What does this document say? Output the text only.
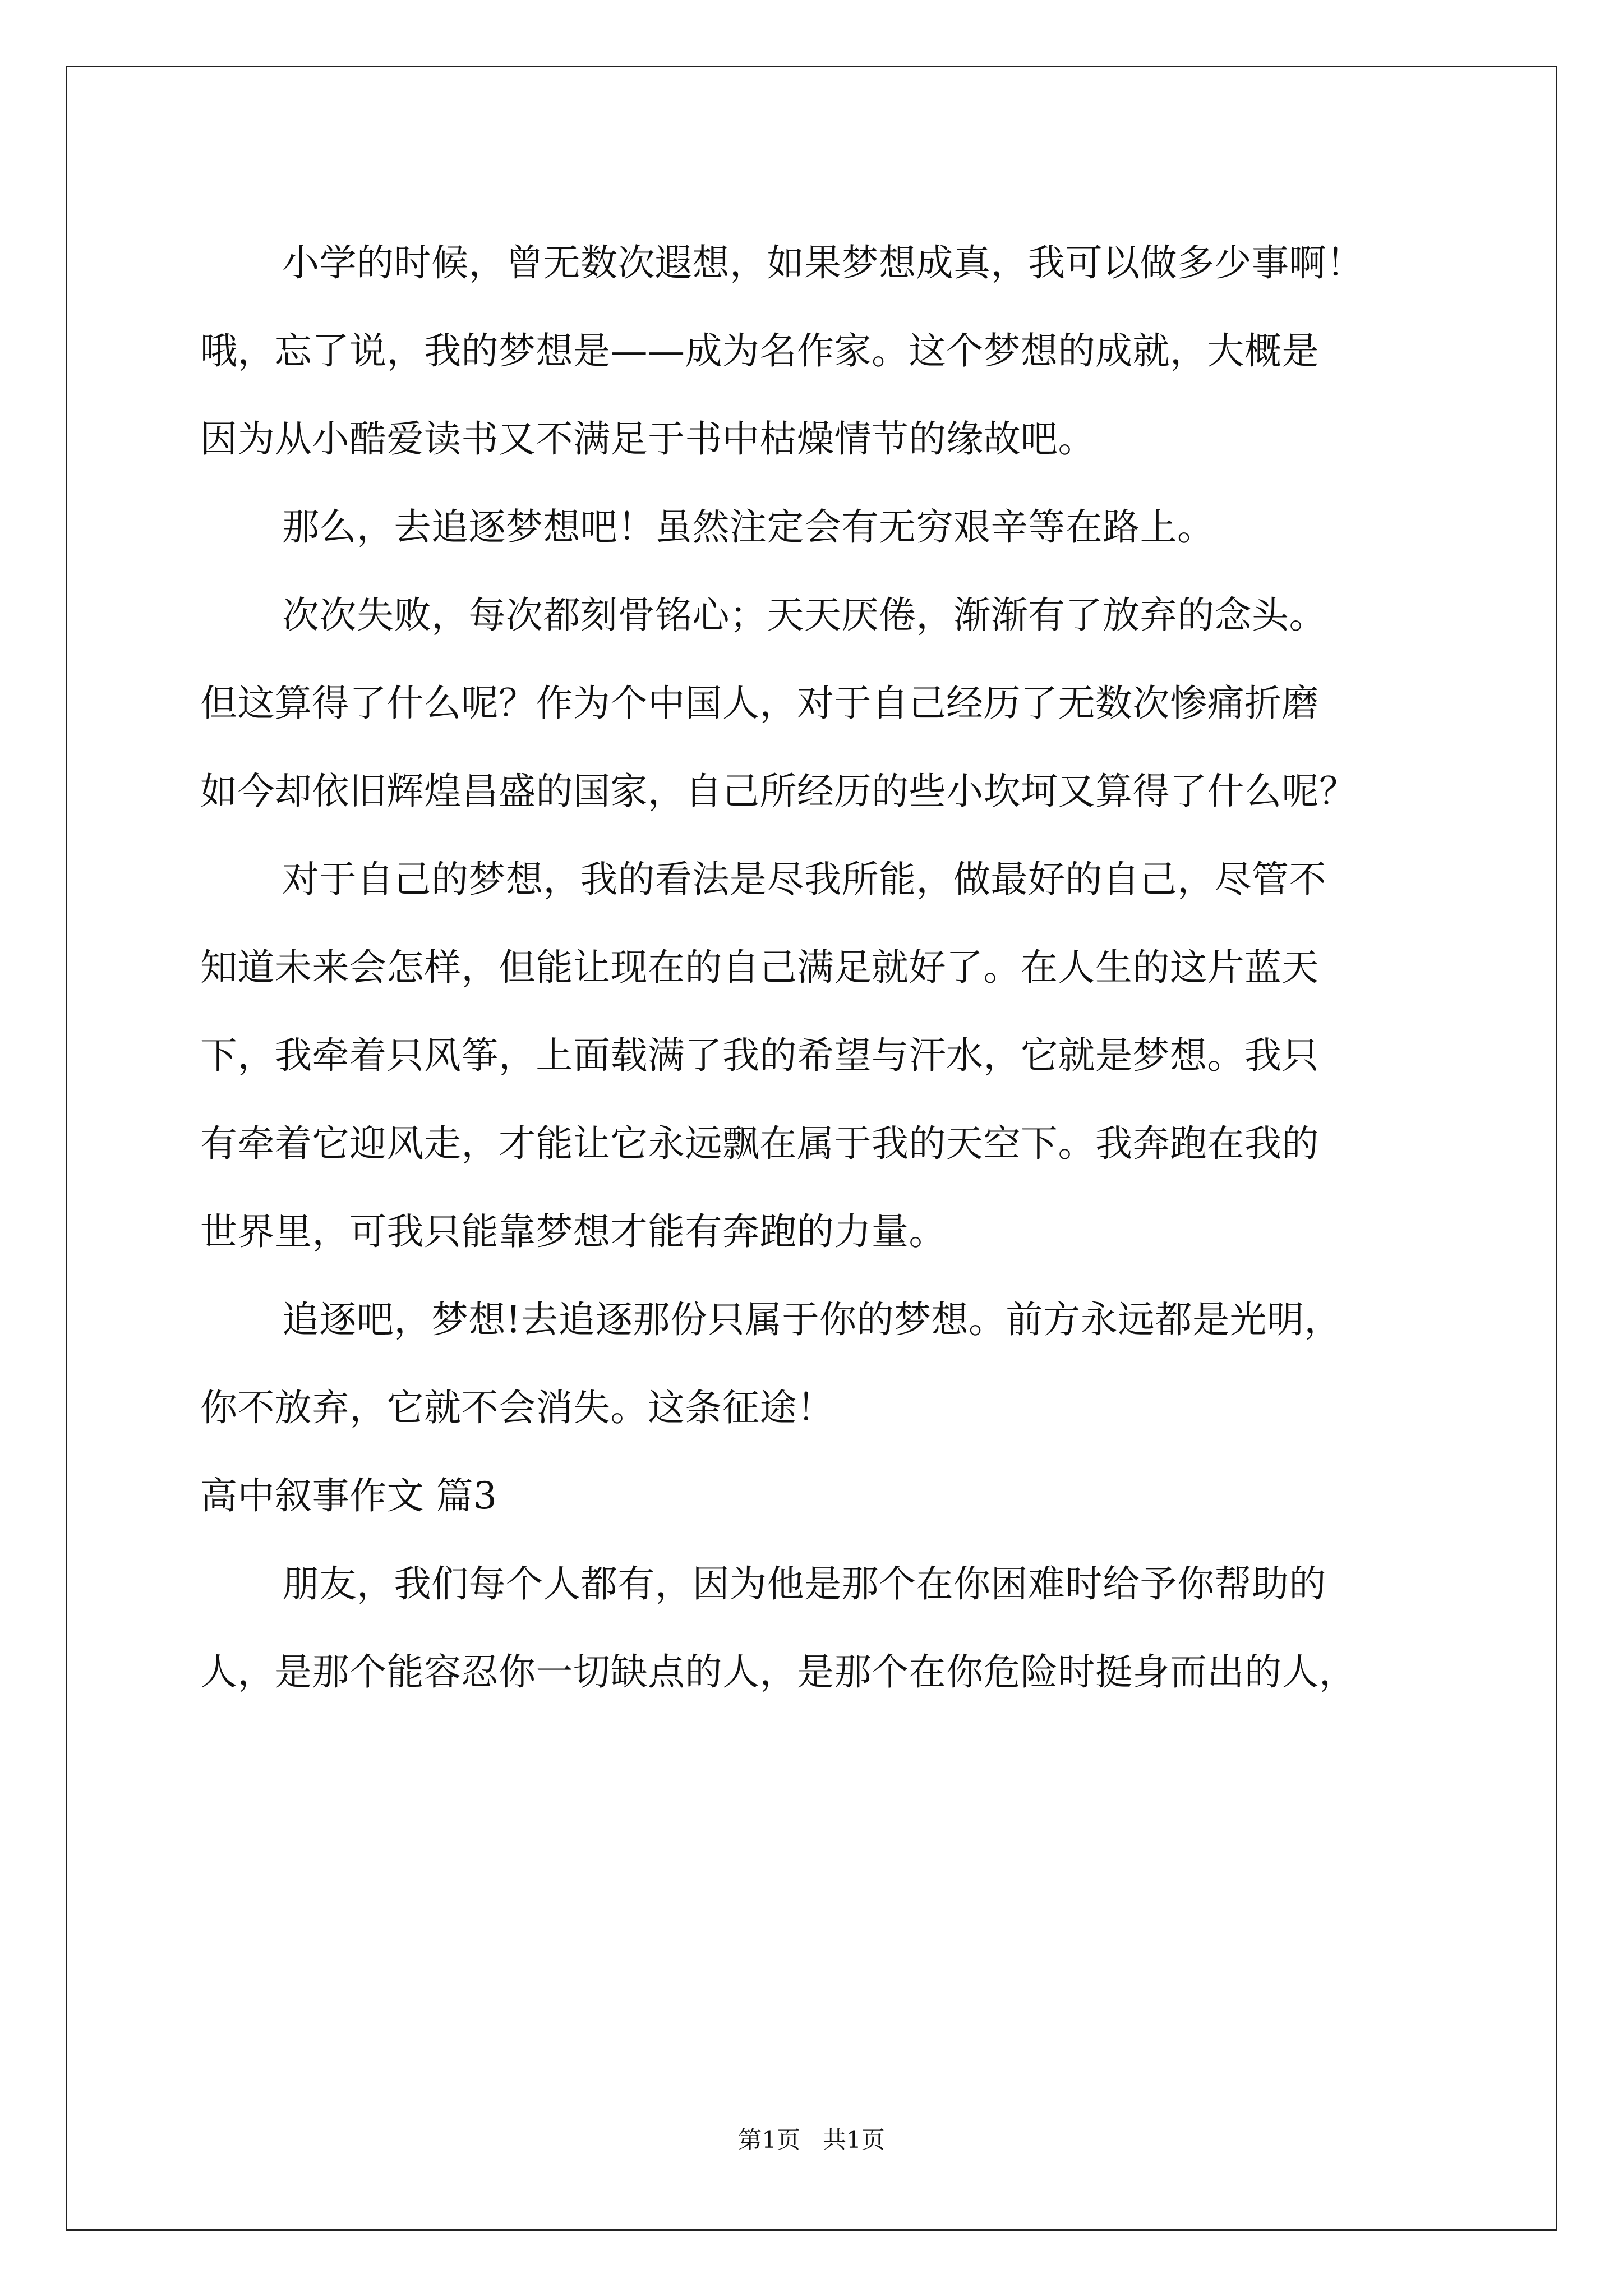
小学的时候，曾无数次遐想，如果梦想成真，我可以做多少事啊！
哦，忘了说，我的梦想是——成为名作家。这个梦想的成就，大概是
因为从小酷爱读书又不满足于书中枯燥情节的缘故吧。
那么，去追逐梦想吧！虽然注定会有无穷艰辛等在路上。
次次失败，每次都刻骨铭心；天天厌倦，渐渐有了放弃的念头。
但这算得了什么呢？作为个中国人，对于自己经历了无数次惨痛折磨
如今却依旧辉煌昌盛的国家，自己所经历的些小坎坷又算得了什么呢？
对于自己的梦想，我的看法是尽我所能，做最好的自己，尽管不
知道未来会怎样，但能让现在的自己满足就好了。在人生的这片蓝天
下，我牵着只风筝，上面载满了我的希望与汗水，它就是梦想。我只
有牵着它迎风走，才能让它永远飘在属于我的天空下。我奔跑在我的
世界里，可我只能靠梦想才能有奔跑的力量。
追逐吧，梦想!去追逐那份只属于你的梦想。前方永远都是光明，
你不放弃，它就不会消失。这条征途！
高中叙事作文 篇3
朋友，我们每个人都有，因为他是那个在你困难时给予你帮助的
人，是那个能容忍你一切缺点的人，是那个在你危险时挺身而出的人，
第1页   共1页
